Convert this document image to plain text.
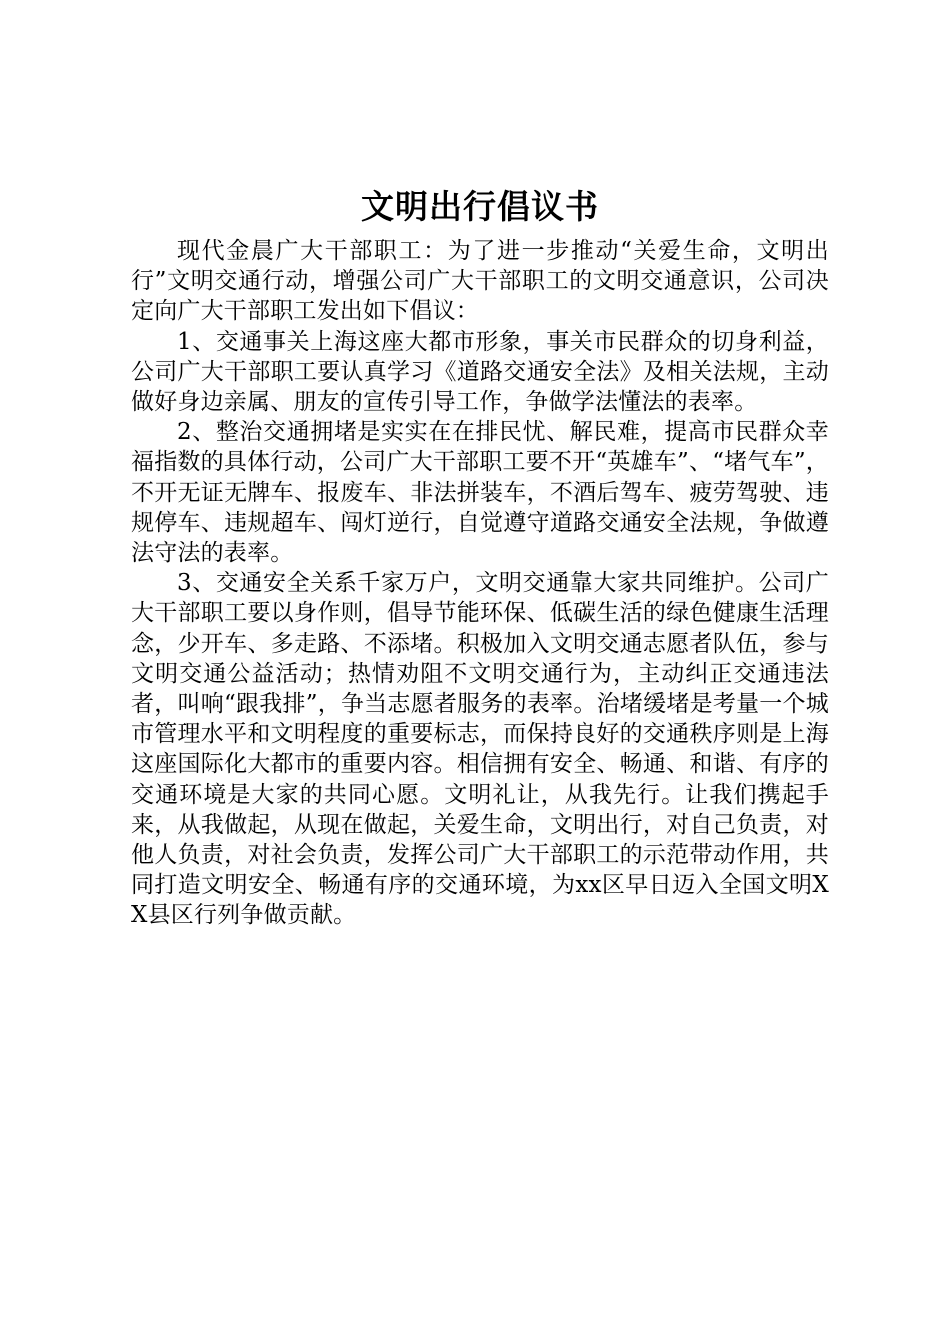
文明出行倡议书

现代金晨广大干部职工：为了进一步推动“关爱生命，文明出行”文明交通行动，增强公司广大干部职工的文明交通意识，公司决定向广大干部职工发出如下倡议：

1、交通事关上海这座大都市形象，事关市民群众的切身利益，公司广大干部职工要认真学习《道路交通安全法》及相关法规，主动做好身边亲属、朋友的宣传引导工作，争做学法懂法的表率。

2、整治交通拥堵是实实在在排民忧、解民难，提高市民群众幸福指数的具体行动，公司广大干部职工要不开“英雄车”、“堵气车”，不开无证无牌车、报废车、非法拼装车，不酒后驾车、疲劳驾驶、违规停车、违规超车、闯灯逆行，自觉遵守道路交通安全法规，争做遵法守法的表率。

3、交通安全关系千家万户，文明交通靠大家共同维护。公司广大干部职工要以身作则，倡导节能环保、低碳生活的绿色健康生活理念，少开车、多走路、不添堵。积极加入文明交通志愿者队伍，参与文明交通公益活动；热情劝阻不文明交通行为，主动纠正交通违法者，叫响“跟我排”，争当志愿者服务的表率。治堵缓堵是考量一个城市管理水平和文明程度的重要标志，而保持良好的交通秩序则是上海这座国际化大都市的重要内容。相信拥有安全、畅通、和谐、有序的交通环境是大家的共同心愿。文明礼让，从我先行。让我们携起手来，从我做起，从现在做起，关爱生命，文明出行，对自己负责，对他人负责，对社会负责，发挥公司广大干部职工的示范带动作用，共同打造文明安全、畅通有序的交通环境，为xx区早日迈入全国文明XX县区行列争做贡献。
